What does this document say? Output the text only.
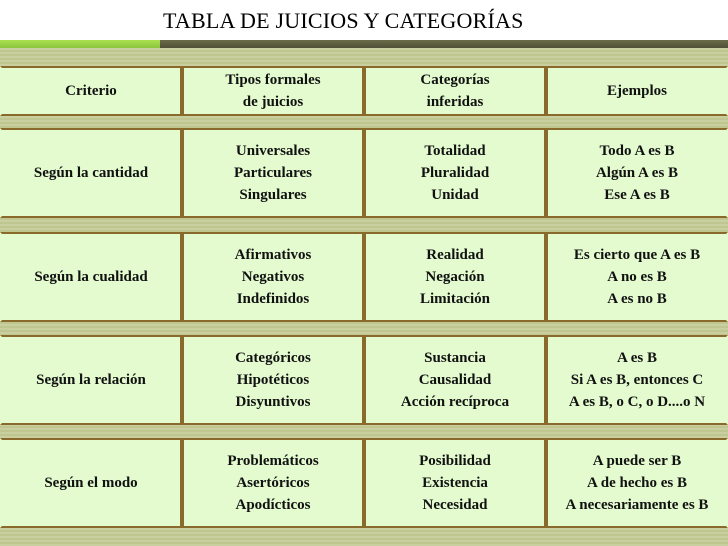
TABLA DE JUICIOS Y CATEGORÍAS
Criterio
Tipos formales
de juicios
Categorías
inferidas
Ejemplos
Según la cantidad
Universales
Particulares
Singulares
Totalidad
Pluralidad
Unidad
Todo A es B
Algún A es B
Ese A es B
Según la cualidad
Afirmativos
Negativos
Indefinidos
Realidad
Negación
Limitación
Es cierto que A es B
A no es B
A es no B
Según la relación
Categóricos
Hipotéticos
Disyuntivos
Sustancia
Causalidad
Acción recíproca
A es B
Si A es B, entonces C
A es B, o C, o D....o N
Según el modo
Problemáticos
Asertóricos
Apodícticos
Posibilidad
Existencia
Necesidad
A puede ser B
A de hecho es B
A necesariamente es B
